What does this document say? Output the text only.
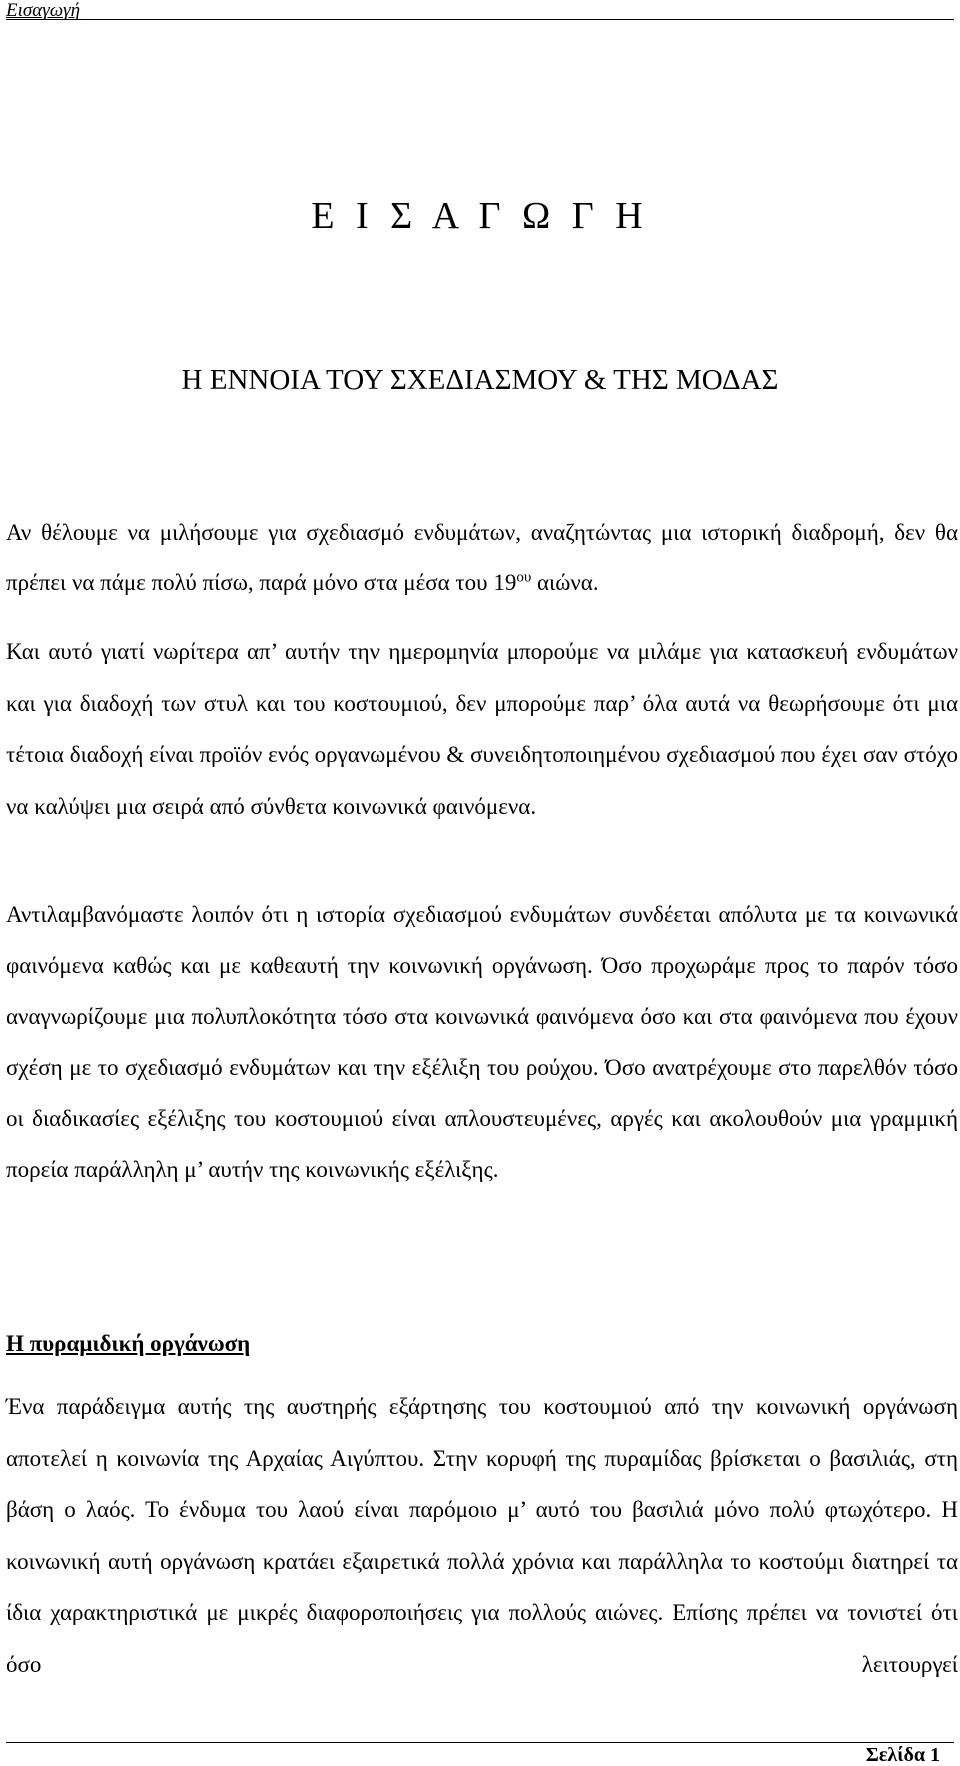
Εισαγωγή
Ε Ι Σ Α Γ Ω Γ Η
Η ΕΝΝΟΙΑ ΤΟΥ ΣΧΕΔΙΑΣΜΟΥ & ΤΗΣ ΜΟΔΑΣ

Αν θέλουμε να μιλήσουμε για σχεδιασμό ενδυμάτων, αναζητώντας μια ιστορική διαδρομή, δεν θα πρέπει να πάμε πολύ πίσω, παρά μόνο στα μέσα του $19^{o\upsilon}$ αιώνα.

Και αυτό γιατί νωρίτερα απ’ αυτήν την ημερομηνία μπορούμε να μιλάμε για κατασκευή ενδυμάτων και για διαδοχή των στυλ και του κοστουμιού, δεν μπορούμε παρ’ όλα αυτά να θεωρήσουμε ότι μια τέτοια διαδοχή είναι προϊόν ενός οργανωμένου & συνειδητοποιημένου σχεδιασμού που έχει σαν στόχο να καλύψει μια σειρά από σύνθετα κοινωνικά φαινόμενα.

Αντιλαμβανόμαστε λοιπόν ότι η ιστορία σχεδιασμού ενδυμάτων συνδέεται απόλυτα με τα κοινωνικά φαινόμενα καθώς και με καθεαυτή την κοινωνική οργάνωση. Όσο προχωράμε προς το παρόν τόσο αναγνωρίζουμε μια πολυπλοκότητα τόσο στα κοινωνικά φαινόμενα όσο και στα φαινόμενα που έχουν σχέση με το σχεδιασμό ενδυμάτων και την εξέλιξη του ρούχου. Όσο ανατρέχουμε στο παρελθόν τόσο οι διαδικασίες εξέλιξης του κοστουμιού είναι απλουστευμένες, αργές και ακολουθούν μια γραμμική πορεία παράλληλη μ’ αυτήν της κοινωνικής εξέλιξης.

Η πυραμιδική οργάνωση

Ένα παράδειγμα αυτής της αυστηρής εξάρτησης του κοστουμιού από την κοινωνική οργάνωση αποτελεί η κοινωνία της Αρχαίας Αιγύπτου. Στην κορυφή της πυραμίδας βρίσκεται ο βασιλιάς, στη βάση ο λαός. Το ένδυμα του λαού είναι παρόμοιο μ’ αυτό του βασιλιά μόνο πολύ φτωχότερο. Η κοινωνική αυτή οργάνωση κρατάει εξαιρετικά πολλά χρόνια και παράλληλα το κοστούμι διατηρεί τα ίδια χαρακτηριστικά με μικρές διαφοροποιήσεις για πολλούς αιώνες. Επίσης πρέπει να τονιστεί ότι όσο λειτουργεί

Σελίδα 1
